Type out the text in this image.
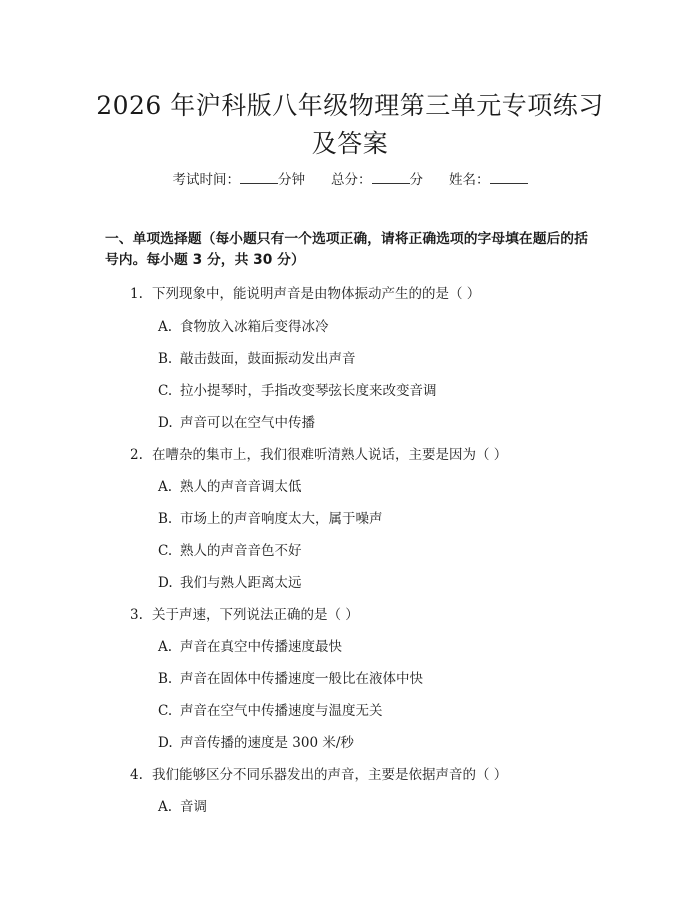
2026 年沪科版八年级物理第三单元专项练习
及答案
考试时间：	分钟 总分：	分 姓名：
一、单项选择题（每小题只有一个选项正确，请将正确选项的字母填在题后的括号内。每小题 3 分，共 30 分）
1. 下列现象中，能说明声音是由物体振动产生的的是（ ）
A. 食物放入冰箱后变得冰冷
B. 敲击鼓面，鼓面振动发出声音
C. 拉小提琴时，手指改变琴弦长度来改变音调
D. 声音可以在空气中传播
2. 在嘈杂的集市上，我们很难听清熟人说话，主要是因为（ ）
A. 熟人的声音音调太低
B. 市场上的声音响度太大，属于噪声
C. 熟人的声音音色不好
D. 我们与熟人距离太远
3. 关于声速，下列说法正确的是（ ）
A. 声音在真空中传播速度最快
B. 声音在固体中传播速度一般比在液体中快
C. 声音在空气中传播速度与温度无关
D. 声音传播的速度是 300 米/秒
4. 我们能够区分不同乐器发出的声音，主要是依据声音的（ ）
A. 音调
